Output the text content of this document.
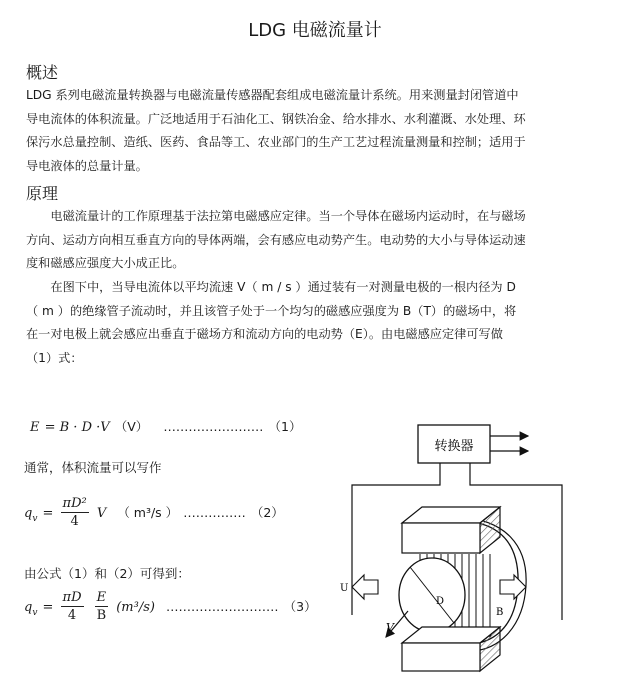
LDG 电磁流量计
概述
LDG 系列电磁流量转换器与电磁流量传感器配套组成电磁流量计系统。用来测量封闭管道中导电流体的体积流量。广泛地适用于石油化工、钢铁冶金、给水排水、水利灌溉、水处理、环保污水总量控制、造纸、医药、食品等工、农业部门的生产工艺过程流量测量和控制；适用于导电液体的总量计量。
原理
电磁流量计的工作原理基于法拉第电磁感应定律。当一个导体在磁场内运动时，在与磁场方向、运动方向相互垂直方向的导体两端，会有感应电动势产生。电动势的大小与导体运动速度和磁感应强度大小成正比。
在图下中，当导电流体以平均流速 V（ m / s ）通过装有一对测量电极的一根内径为 D（ m ）的绝缘管子流动时，并且该管子处于一个均匀的磁感应强度为 B（T）的磁场中，将在一对电极上就会感应出垂直于磁场方和流动方向的电动势（E）。由电磁感应定律可写做（1）式：
E = B · D ·V （V） …………………… （1）
通常，体积流量可以写作
$q_v = \frac{\text{πD²}}{4}$ V （ m³/s ） …………… （2）
由公式（1）和（2）可得到：
$q_v = \frac{\pi D}{4}$
$\frac{E}{B} (m^3/s)$ ……………………… （3）
转换器
D
U
V
B
